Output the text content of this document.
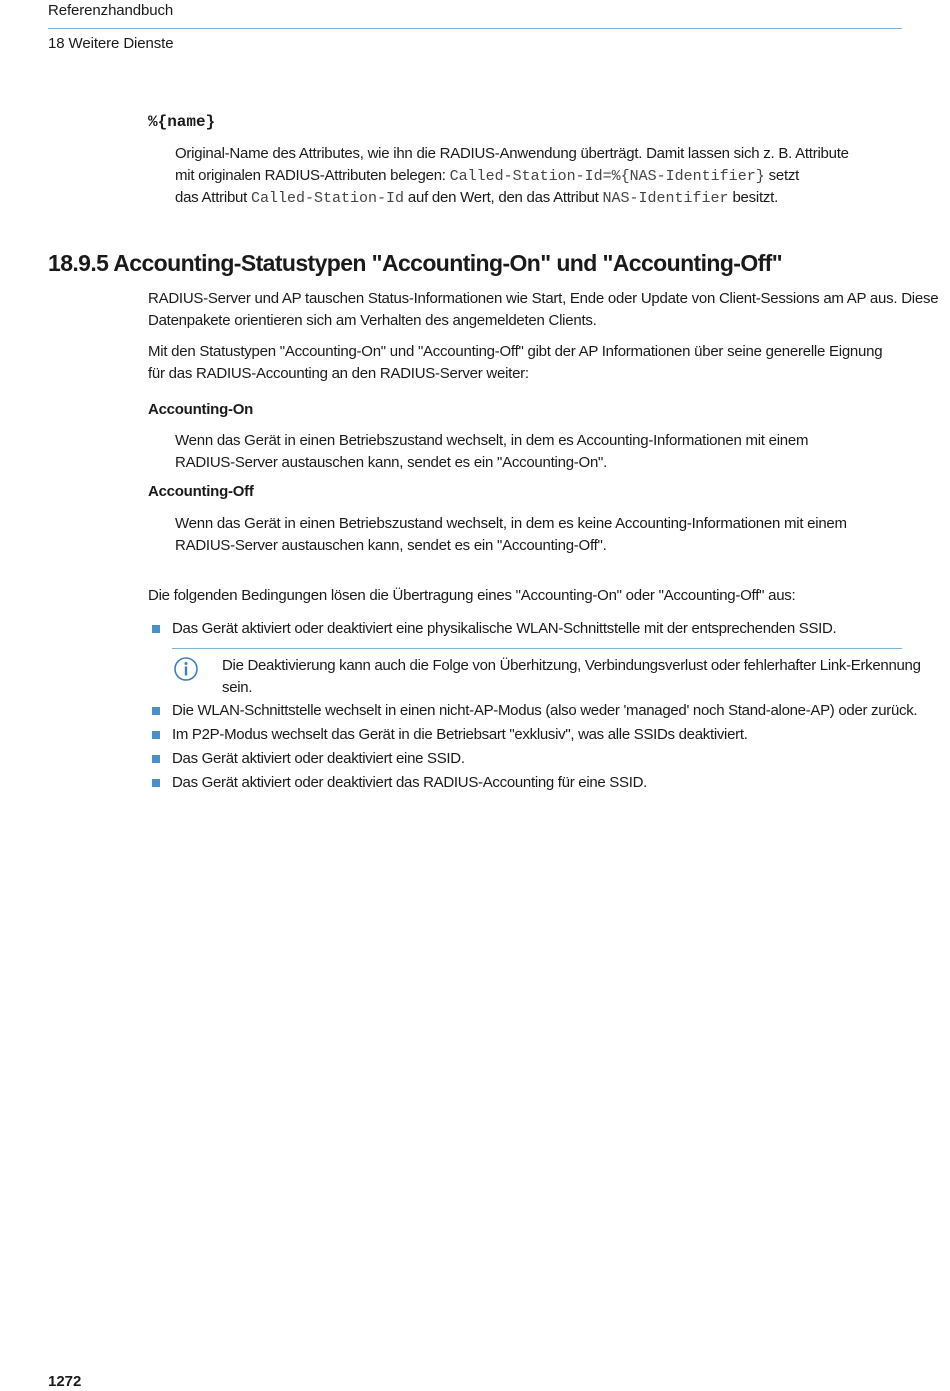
Referenzhandbuch
18 Weitere Dienste
%{name}
Original-Name des Attributes, wie ihn die RADIUS-Anwendung überträgt. Damit lassen sich z. B. Attribute
mit originalen RADIUS-Attributen belegen: Called-Station-Id=%{NAS-Identifier} setzt
das Attribut Called-Station-Id auf den Wert, den das Attribut NAS-Identifier besitzt.
18.9.5 Accounting-Statustypen "Accounting-On" und "Accounting-Off"
RADIUS-Server und AP tauschen Status-Informationen wie Start, Ende oder Update von Client-Sessions am AP aus. Diese
Datenpakete orientieren sich am Verhalten des angemeldeten Clients.
Mit den Statustypen "Accounting-On" und "Accounting-Off" gibt der AP Informationen über seine generelle Eignung
für das RADIUS-Accounting an den RADIUS-Server weiter:
Accounting-On
Wenn das Gerät in einen Betriebszustand wechselt, in dem es Accounting-Informationen mit einem
RADIUS-Server austauschen kann, sendet es ein "Accounting-On".
Accounting-Off
Wenn das Gerät in einen Betriebszustand wechselt, in dem es keine Accounting-Informationen mit einem
RADIUS-Server austauschen kann, sendet es ein "Accounting-Off".
Die folgenden Bedingungen lösen die Übertragung eines "Accounting-On" oder "Accounting-Off" aus:
Das Gerät aktiviert oder deaktiviert eine physikalische WLAN-Schnittstelle mit der entsprechenden SSID.
Die Deaktivierung kann auch die Folge von Überhitzung, Verbindungsverlust oder fehlerhafter Link-Erkennung
sein.
Die WLAN-Schnittstelle wechselt in einen nicht-AP-Modus (also weder 'managed' noch Stand-alone-AP) oder zurück.
Im P2P-Modus wechselt das Gerät in die Betriebsart "exklusiv", was alle SSIDs deaktiviert.
Das Gerät aktiviert oder deaktiviert eine SSID.
Das Gerät aktiviert oder deaktiviert das RADIUS-Accounting für eine SSID.
1272
